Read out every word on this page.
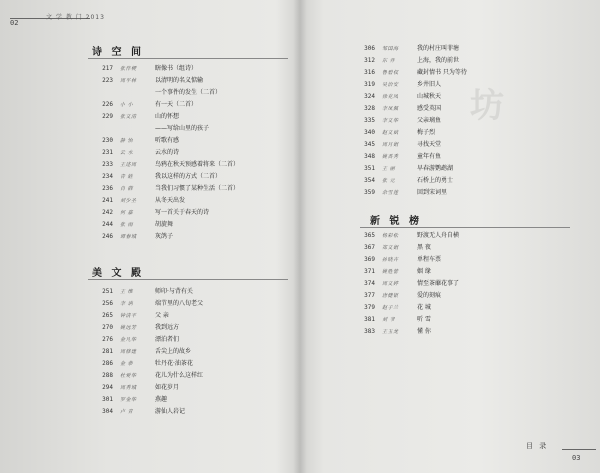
文 学 教 门 2013
02
诗 空 间
217 张作梗	瞎像书（组诗）
223 周平林	以清明的名义惦输
一个事件的发生（二首）
226 小 小	有一天（二首）
229 张文清	山的怀想
——写给山里的孩子
230 静 怡	听歌有感
231 云 水	云水的诗
233 王述周	鸟鸦在秋天预感着将来（二首）
234 青 蛙	我以这样的方式（二首）
236 肖 薛	当我们习惯了某种生活（二首）
241 刘少圣	从冬天出发
242 何 嘉	写一首关于春天的诗
244 张 雨	胡旋舞
246 谭春城	灰鸽子
美 文 殿
251 王 维	师印·与背有关
256 李 讷	端节里的八旬老父
265 钟清平	父 亲
270 姚远芳	我到远方
276 金凡华	漂泊者们
281 周修建	舌尖上的故乡
286 金 恭	牡丹花·油茶花
288 杜爱华	花儿为什么这样红
294 周秀城	如花岁月
301 罗金华	燕趣
304 卢 青	游仙人岩记
坊
306 邹国海	我的村庄叫菲塘
312 东 开	上海，我的前世
316 鲁碧权	藏封情书 只为等待
319 吴治安	乡井旧人
324 徐克凤	山城秋天
328 李凤佩	感受英国
335 李文华	父亲璃鱼
340 赵文斌	梅子烈
345 周月娟	寻找天堂
348 姚香秀	童年有鱼
351 王 丽	早春游鹦鹉湖
354 张 元	石桥上的勇士
359 余雪莲	回到宋词里
新 锐 榜
365 杨彩松	野渡无人舟自横
367 郑文娟	黑 夜
369 孙晓卉	单程车票
371 姚胜蕾	姻 缘
374 周文婷	情至茶蘼花事了
377 唐健银	爱的刻痕
379 赵子兰	花 城
381 刘 爷	听 雪
383 王玉龙	懂 你
目 录
03
